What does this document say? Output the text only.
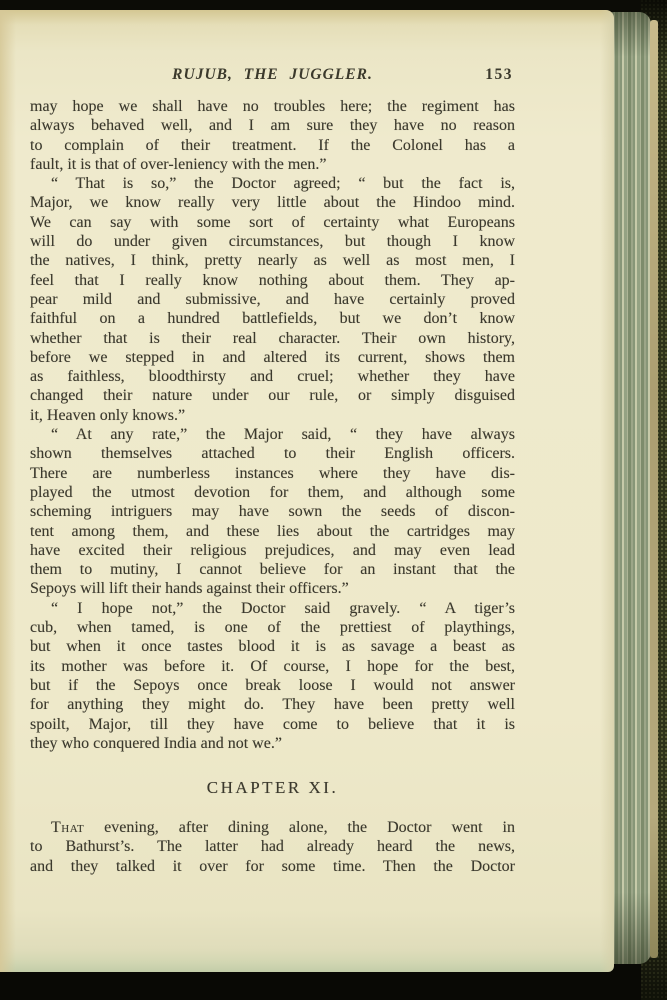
RUJUB, THE JUGGLER.	153
may hope we shall have no troubles here; the regiment has
always behaved well, and I am sure they have no reason
to complain of their treatment. If the Colonel has a
fault, it is that of over-leniency with the men.”
“ That is so,” the Doctor agreed; “ but the fact is,
Major, we know really very little about the Hindoo mind.
We can say with some sort of certainty what Europeans
will do under given circumstances, but though I know
the natives, I think, pretty nearly as well as most men, I
feel that I really know nothing about them. They ap-
pear mild and submissive, and have certainly proved
faithful on a hundred battlefields, but we don’t know
whether that is their real character. Their own history,
before we stepped in and altered its current, shows them
as faithless, bloodthirsty and cruel; whether they have
changed their nature under our rule, or simply disguised
it, Heaven only knows.”
“ At any rate,” the Major said, “ they have always
shown themselves attached to their English officers.
There are numberless instances where they have dis-
played the utmost devotion for them, and although some
scheming intriguers may have sown the seeds of discon-
tent among them, and these lies about the cartridges may
have excited their religious prejudices, and may even lead
them to mutiny, I cannot believe for an instant that the
Sepoys will lift their hands against their officers.”
“ I hope not,” the Doctor said gravely. “ A tiger’s
cub, when tamed, is one of the prettiest of playthings,
but when it once tastes blood it is as savage a beast as
its mother was before it. Of course, I hope for the best,
but if the Sepoys once break loose I would not answer
for anything they might do. They have been pretty well
spoilt, Major, till they have come to believe that it is
they who conquered India and not we.”
CHAPTER XI.
That evening, after dining alone, the Doctor went in
to Bathurst’s. The latter had already heard the news,
and they talked it over for some time. Then the Doctor
